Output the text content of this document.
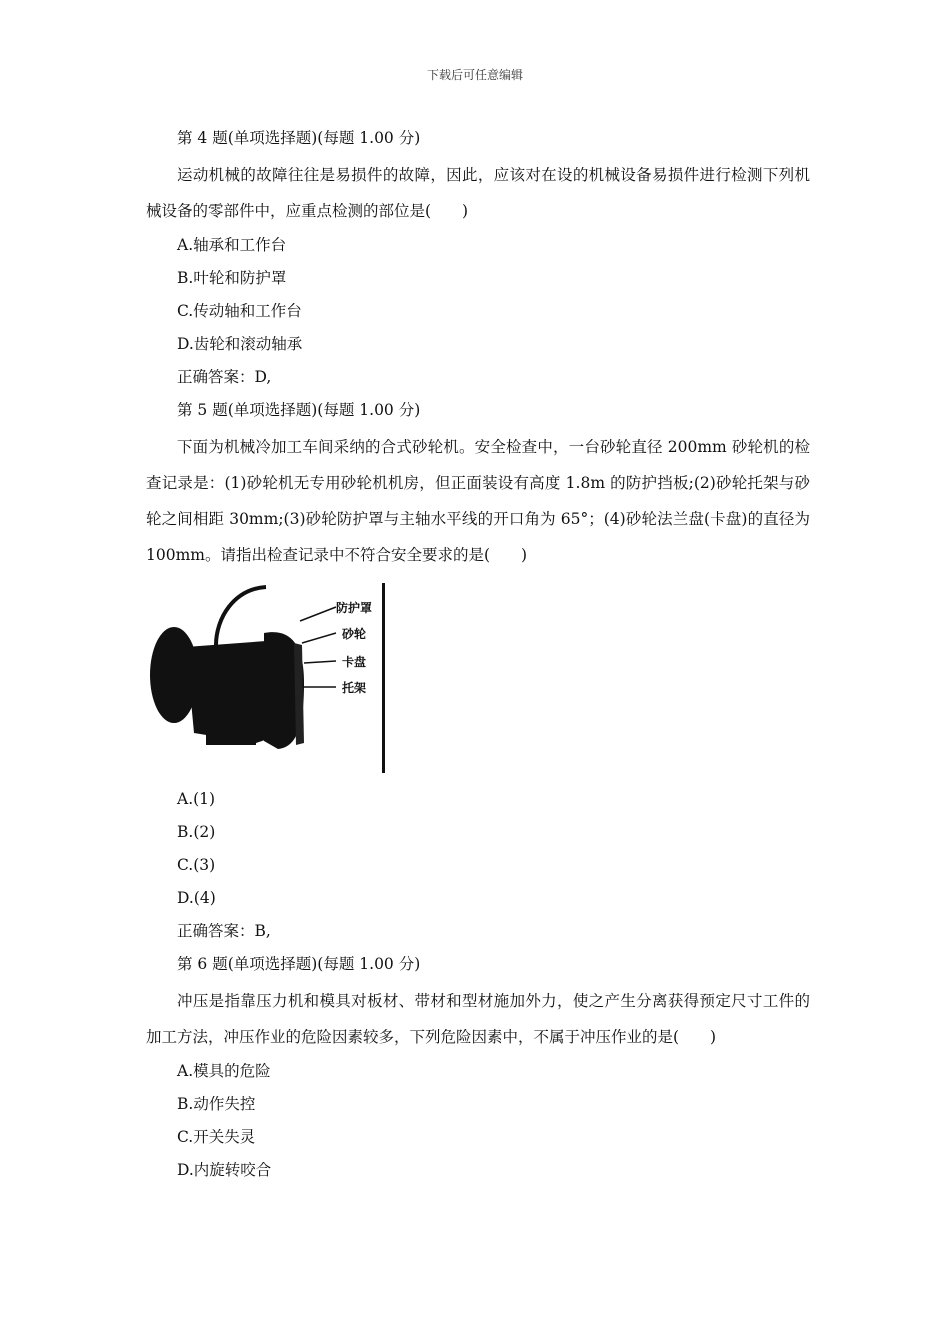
下载后可任意编辑
第 4 题(单项选择题)(每题 1.00 分)

运动机械的故障往往是易损件的故障，因此，应该对在设的机械设备易损件进行检测下列机械设备的零部件中，应重点检测的部位是(　　)

A.轴承和工作台
B.叶轮和防护罩
C.传动轴和工作台
D.齿轮和滚动轴承
正确答案：D,
第 5 题(单项选择题)(每题 1.00 分)

下面为机械冷加工车间采纳的合式砂轮机。安全检查中，一台砂轮直径 200mm 砂轮机的检查记录是：(1)砂轮机无专用砂轮机机房，但正面装设有高度 1.8m 的防护挡板;(2)砂轮托架与砂轮之间相距 30mm;(3)砂轮防护罩与主轴水平线的开口角为 65°；(4)砂轮法兰盘(卡盘)的直径为 100mm。请指出检查记录中不符合安全要求的是(　　)

防护罩
砂轮
卡盘
托架
A.(1)
B.(2)
C.(3)
D.(4)
正确答案：B,
第 6 题(单项选择题)(每题 1.00 分)

冲压是指靠压力机和模具对板材、带材和型材施加外力，使之产生分离获得预定尺寸工件的加工方法，冲压作业的危险因素较多，下列危险因素中，不属于冲压作业的是(　　)

A.模具的危险
B.动作失控
C.开关失灵
D.内旋转咬合
